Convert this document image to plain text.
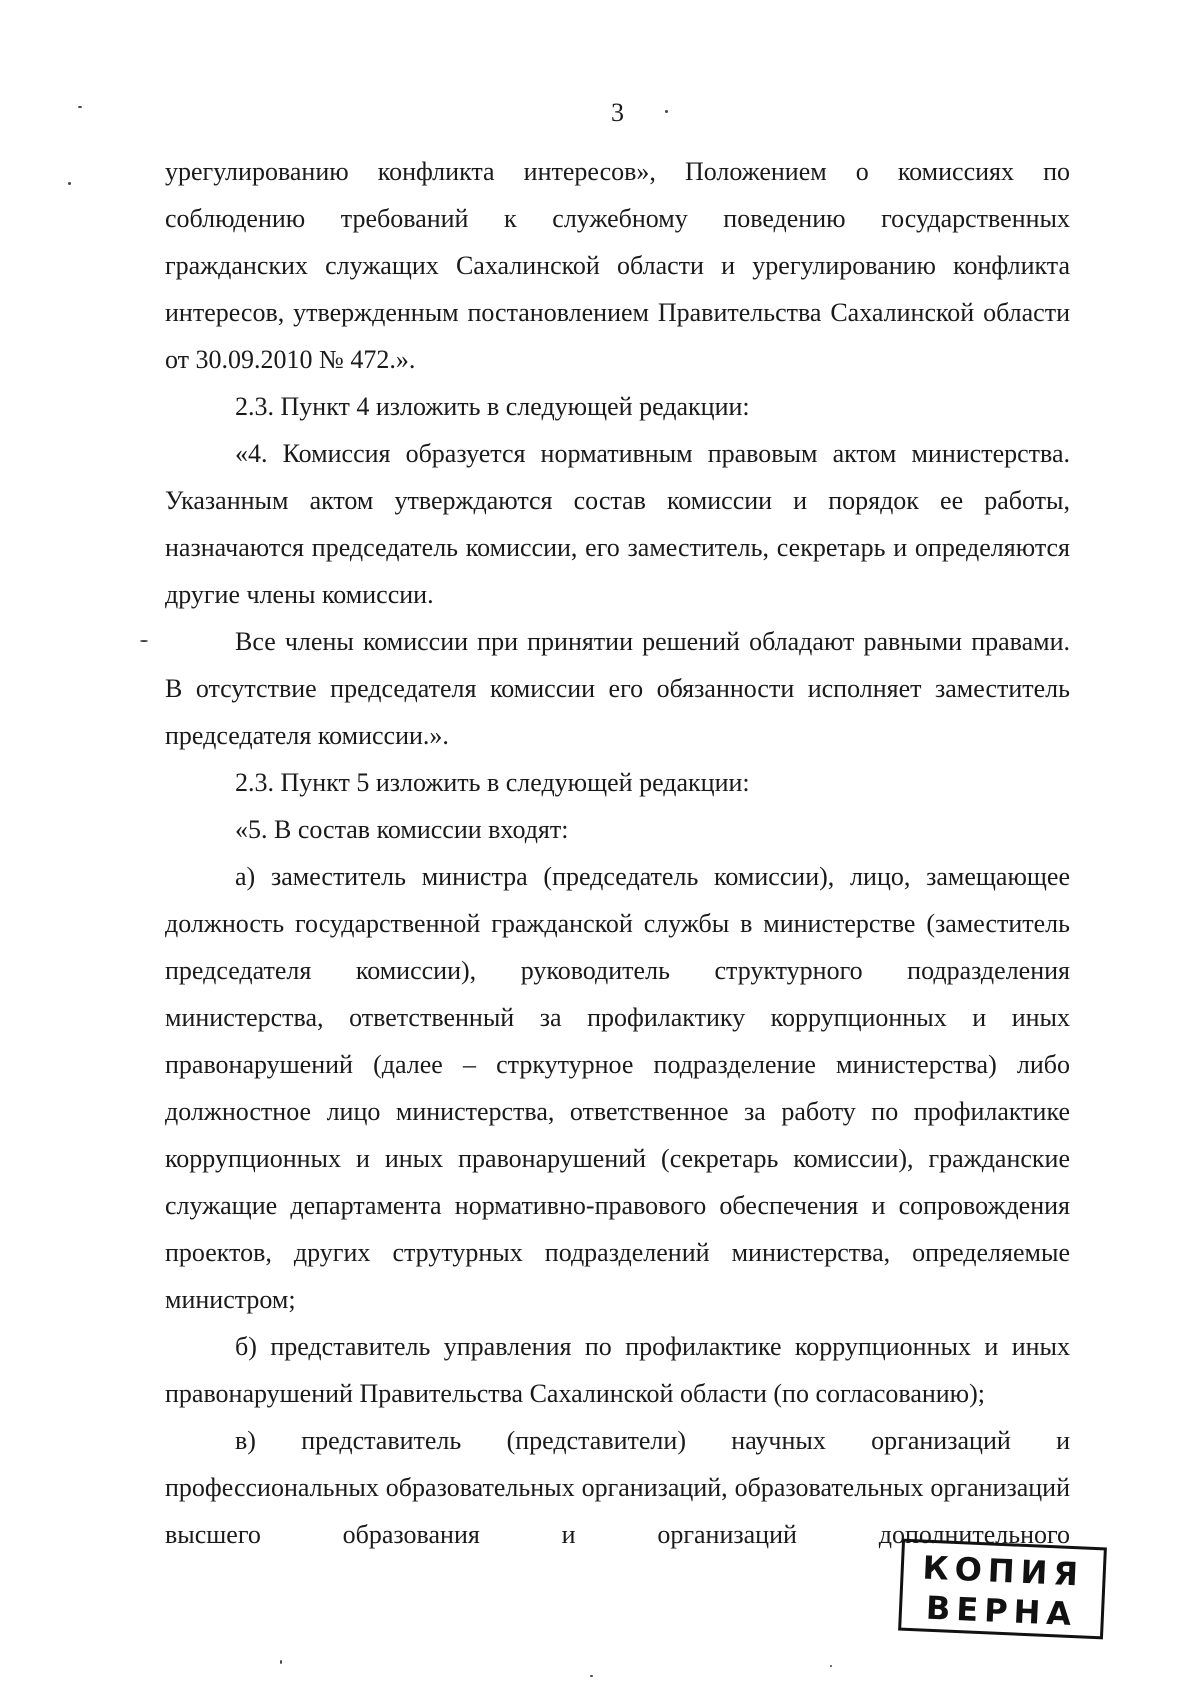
3

урегулированию конфликта интересов», Положением о комиссиях по соблюдению требований к служебному поведению государственных гражданских служащих Сахалинской области и урегулированию конфликта интересов, утвержденным постановлением Правительства Сахалинской области от 30.09.2010 № 472.».

2.3. Пункт 4 изложить в следующей редакции:

«4. Комиссия образуется нормативным правовым актом министерства. Указанным актом утверждаются состав комиссии и порядок ее работы, назначаются председатель комиссии, его заместитель, секретарь и определяются другие члены комиссии.

Все члены комиссии при принятии решений обладают равными правами. В отсутствие председателя комиссии его обязанности исполняет заместитель председателя комиссии.».

2.3. Пункт 5 изложить в следующей редакции:

«5. В состав комиссии входят:

а) заместитель министра (председатель комиссии), лицо, замещающее должность государственной гражданской службы в министерстве (заместитель председателя комиссии), руководитель структурного подразделения министерства, ответственный за профилактику коррупционных и иных правонарушений (далее – стркутурное подразделение министерства) либо должностное лицо министерства, ответственное за работу по профилактике коррупционных и иных правонарушений (секретарь комиссии), гражданские служащие департамента нормативно-правового обеспечения и сопровождения проектов, других струтурных подразделений министерства, определяемые министром;

б) представитель управления по профилактике коррупционных и иных правонарушений Правительства Сахалинской области (по согласованию);

в) представитель (представители) научных организаций и профессиональных образовательных организаций, образовательных организаций высшего образования и организаций дополнительного

КОПИЯ
ВЕРНА
